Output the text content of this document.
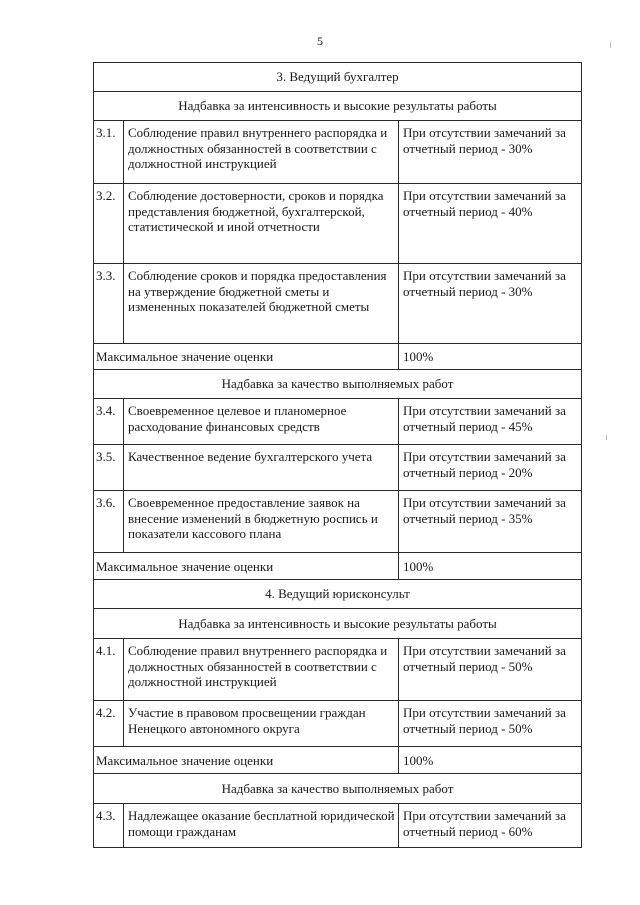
5
3. Ведущий бухгалтер		
Надбавка за интенсивность и высокие результаты работы		
3.1.	Соблюдение правил внутреннего распорядка и должностных обязанностей в соответствии с должностной инструкцией	При отсутствии замечаний за отчетный период - 30%
3.2.	Соблюдение достоверности, сроков и порядка представления бюджетной, бухгалтерской, статистической и иной отчетности	При отсутствии замечаний за отчетный период - 40%
3.3.	Соблюдение сроков и порядка предоставления на утверждение бюджетной сметы и измененных показателей бюджетной сметы	При отсутствии замечаний за отчетный период - 30%
Максимальное значение оценки		100%
Надбавка за качество выполняемых работ		
3.4.	Своевременное целевое и планомерное расходование финансовых средств	При отсутствии замечаний за отчетный период - 45%
3.5.	Качественное ведение бухгалтерского учета	При отсутствии замечаний за отчетный период - 20%
3.6.	Своевременное предоставление заявок на внесение изменений в бюджетную роспись и показатели кассового плана	При отсутствии замечаний за отчетный период - 35%
Максимальное значение оценки		100%
4. Ведущий юрисконсульт		
Надбавка за интенсивность и высокие результаты работы		
4.1.	Соблюдение правил внутреннего распорядка и должностных обязанностей в соответствии с должностной инструкцией	При отсутствии замечаний за отчетный период - 50%
4.2.	Участие в правовом просвещении граждан Ненецкого автономного округа	При отсутствии замечаний за отчетный период - 50%
Максимальное значение оценки		100%
Надбавка за качество выполняемых работ		
4.3.	Надлежащее оказание бесплатной юридической помощи гражданам	При отсутствии замечаний за отчетный период - 60%
